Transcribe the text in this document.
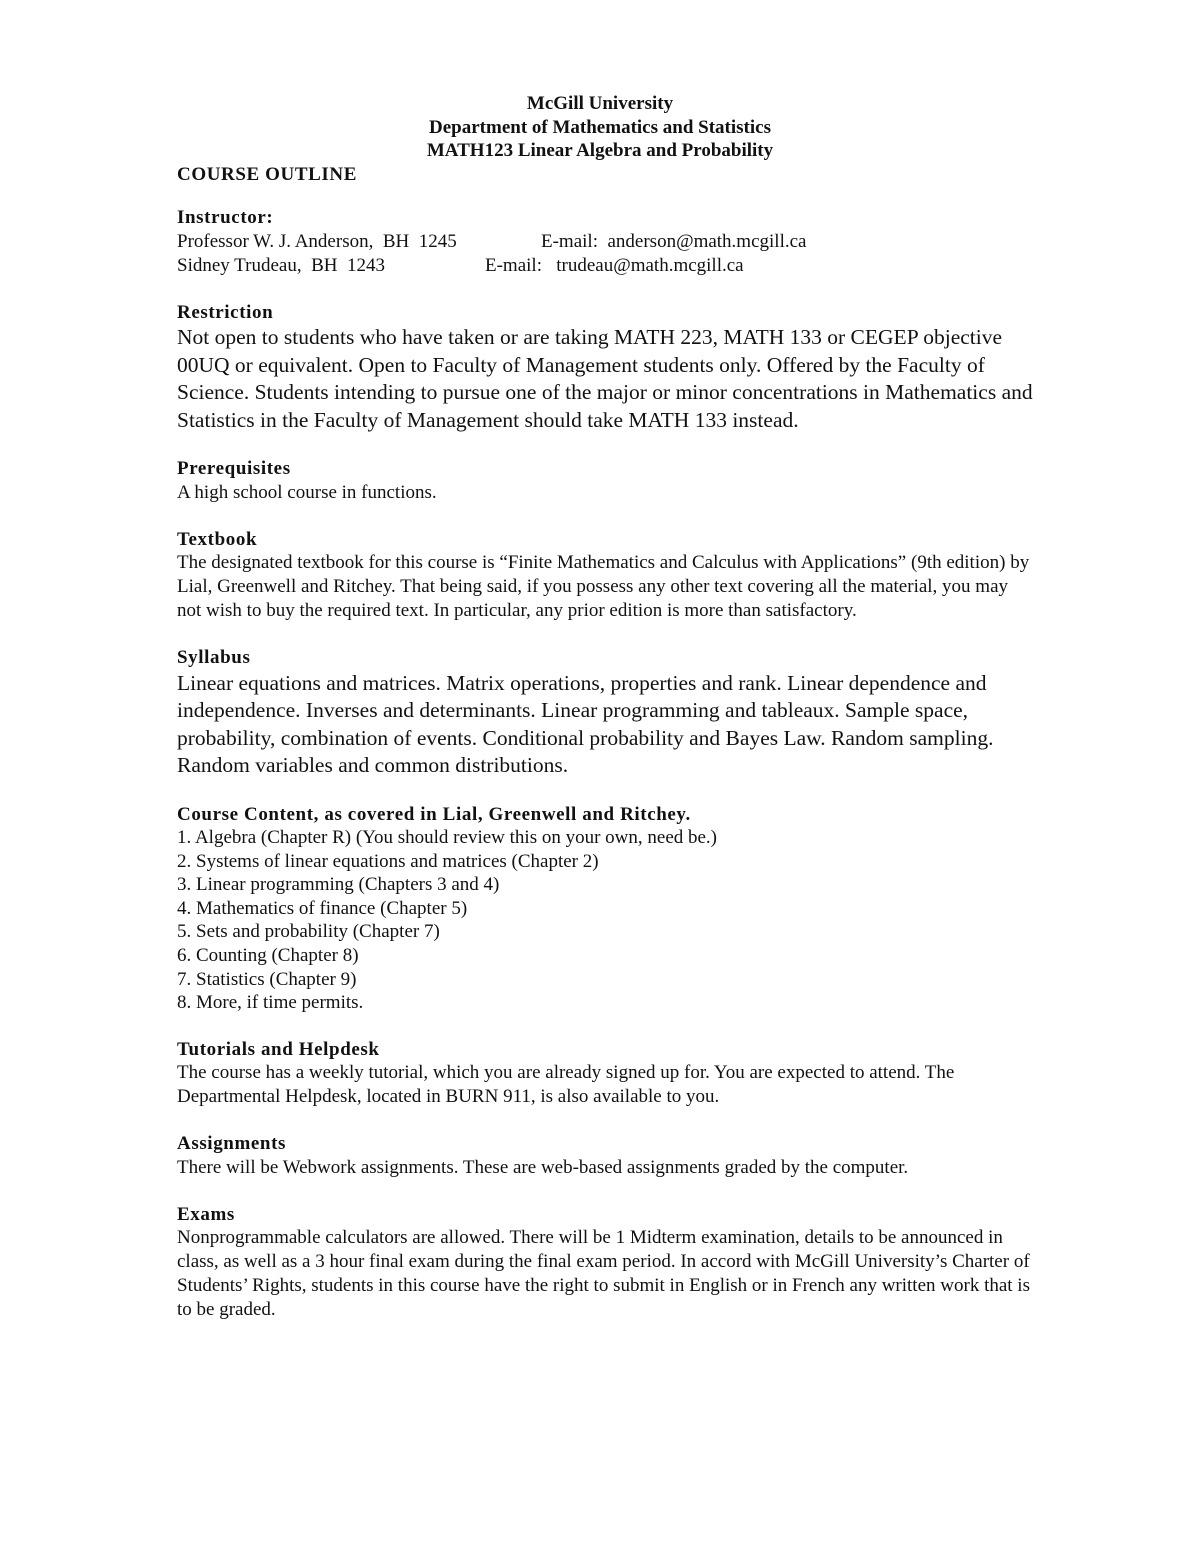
McGill University
Department of Mathematics and Statistics
MATH123 Linear Algebra and Probability
COURSE OUTLINE
Instructor:
Professor W. J. Anderson,  BH  1245	E-mail:  anderson@math.mcgill.ca
Sidney Trudeau,  BH  1243	E-mail:   trudeau@math.mcgill.ca
Restriction

Not open to students who have taken or are taking MATH 223, MATH 133 or CEGEP objective 00UQ or equivalent. Open to Faculty of Management students only. Offered by the Faculty of Science. Students intending to pursue one of the major or minor concentrations in Mathematics and Statistics in the Faculty of Management should take MATH 133 instead.

Prerequisites

A high school course in functions.

Textbook

The designated textbook for this course is “Finite Mathematics and Calculus with Applications” (9th edition) by Lial, Greenwell and Ritchey. That being said, if you possess any other text covering all the material, you may not wish to buy the required text. In particular, any prior edition is more than satisfactory.

Syllabus

Linear equations and matrices. Matrix operations, properties and rank. Linear dependence and independence. Inverses and determinants. Linear programming and tableaux. Sample space, probability, combination of events. Conditional probability and Bayes Law. Random sampling. Random variables and common distributions.

Course Content, as covered in Lial, Greenwell and Ritchey.
1. Algebra (Chapter R) (You should review this on your own, need be.)
2. Systems of linear equations and matrices (Chapter 2)
3. Linear programming (Chapters 3 and 4)
4. Mathematics of finance (Chapter 5)
5. Sets and probability (Chapter 7)
6. Counting (Chapter 8)
7. Statistics (Chapter 9)
8. More, if time permits.
Tutorials and Helpdesk

The course has a weekly tutorial, which you are already signed up for. You are expected to attend. The Departmental Helpdesk, located in BURN 911, is also available to you.

Assignments

There will be Webwork assignments. These are web-based assignments graded by the computer.

Exams

Nonprogrammable calculators are allowed. There will be 1 Midterm examination, details to be announced in class, as well as a 3 hour final exam during the final exam period. In accord with McGill University’s Charter of Students’ Rights, students in this course have the right to submit in English or in French any written work that is to be graded.
